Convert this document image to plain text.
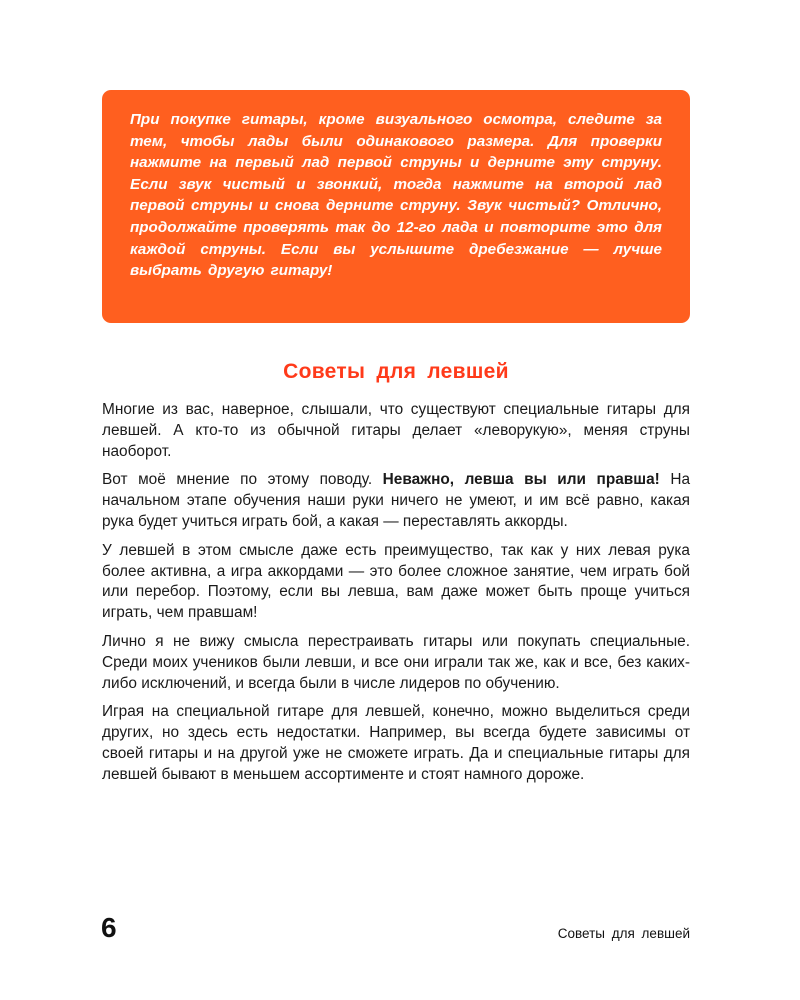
При покупке гитары, кроме визуального осмотра, следите за тем, чтобы лады были одинакового размера. Для проверки нажмите на первый лад первой струны и дерните эту струну. Если звук чистый и звонкий, тогда нажмите на второй лад первой струны и снова дерните струну. Звук чистый? Отлично, продолжайте проверять так до 12-го лада и повторите это для каждой струны. Если вы услышите дребезжание — лучше выбрать другую гитару!

Советы для левшей

Многие из вас, наверное, слышали, что существуют специальные гитары для левшей. А кто-то из обычной гитары делает «леворукую», меняя струны наоборот.

Вот моё мнение по этому поводу. Неважно, левша вы или правша! На начальном этапе обучения наши руки ничего не умеют, и им всё равно, какая рука будет учиться играть бой, а какая — переставлять аккорды.

У левшей в этом смысле даже есть преимущество, так как у них левая рука более активна, а игра аккордами — это более сложное занятие, чем играть бой или перебор. Поэтому, если вы левша, вам даже может быть проще учиться играть, чем правшам!

Лично я не вижу смысла перестраивать гитары или покупать специальные. Среди моих учеников были левши, и все они играли так же, как и все, без каких-либо исключений, и всегда были в числе лидеров по обучению.

Играя на специальной гитаре для левшей, конечно, можно выделиться среди других, но здесь есть недостатки. Например, вы всегда будете зависимы от своей гитары и на другой уже не сможете играть. Да и специальные гитары для левшей бывают в меньшем ассортименте и стоят намного дороже.

6	Советы для левшей
